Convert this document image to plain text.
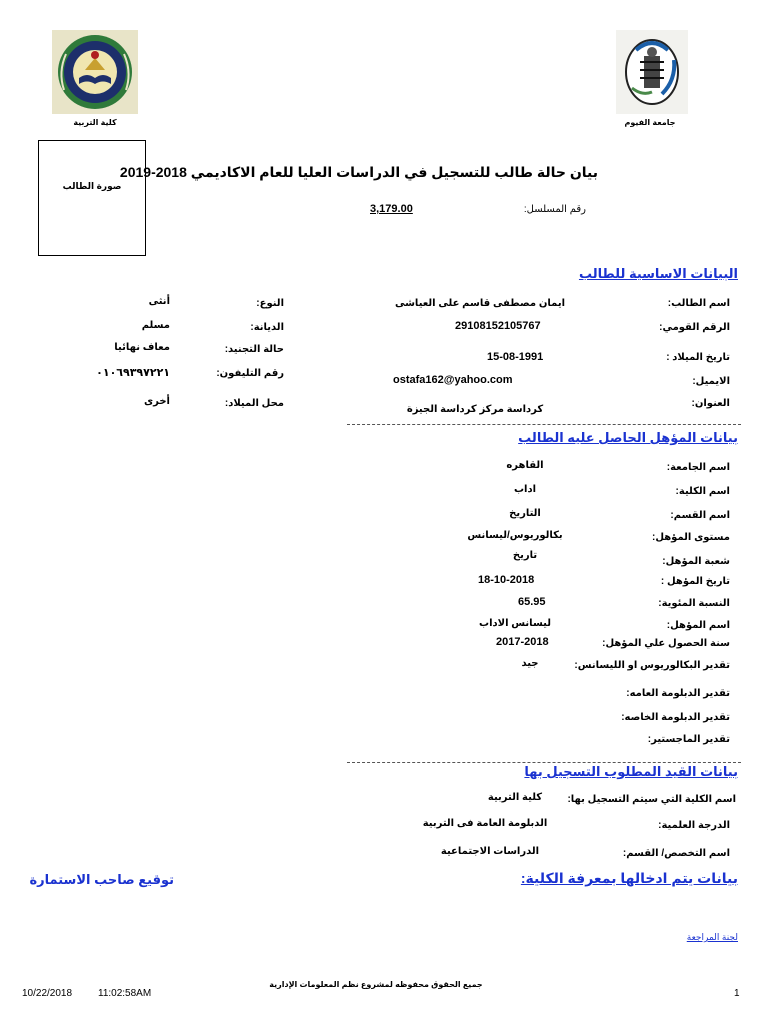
كلية التربية	جامعة الفيوم
صورة الطالب
بيان حالة طالب للتسجيل في الدراسات العليا للعام الاكاديمي 2018-2019
رقم المسلسل:
3,179.00
البيانات الاساسية للطالب
اسم الطالب:
ايمان مصطفى قاسم على العياشى
الرقم القومي:
29108152105767
تاريخ الميلاد :
15-08-1991
الايميل:
ostafa162@yahoo.com
العنوان:
كرداسة مركز كرداسة الجيزة
النوع:
أنثى
الديانة:
مسلم
حالة التجنيد:
معاف نهائيا
رقم التليفون:
٠١٠٦٩٣٩٧٢٢١
محل الميلاد:
أخرى
بيانات المؤهل الحاصل عليه الطالب
اسم الجامعة:
القاهره
اسم الكلية:
اداب
اسم القسم:
التاريخ
مستوى المؤهل:
بكالوريوس/ليسانس
شعبة المؤهل:
تاريخ
تاريخ المؤهل :
18-10-2018
النسبة المئوية:
65.95
اسم المؤهل:
ليسانس الاداب
سنة الحصول علي المؤهل:
2017-2018
تقدير البكالوريوس او الليسانس:
جيد
تقدير الدبلومة العامه:
تقدير الدبلومة الخاصه:
تقدير الماجستير:
بيانات القيد المطلوب التسجيل بها
اسم الكلية التي سيتم التسجيل بها:
كلية التربية
الدرجة العلمية:
الدبلومة العامة فى التربية
اسم التخصص/ القسم:
الدراسات الاجتماعية
بيانات يتم ادخالها بمعرفة الكلية:
توقيع صاحب الاستمارة
لجنة المراجعة
10/22/2018	11:02:58AM
جميع الحقوق محفوظه لمشروع نظم المعلومات الإدارية
1
